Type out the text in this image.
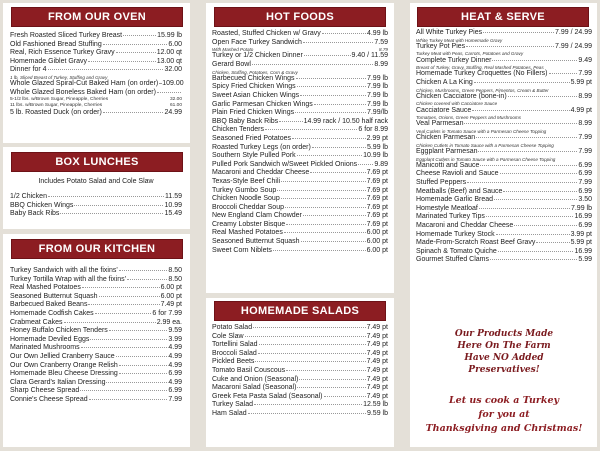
FROM OUR OVEN
Fresh Roasted Sliced Turkey Breast	15.99 lb
Old Fashioned Bread Stuffing	6.00
Real, Rich Essence Turkey Gravy	12.00 qt
Homemade Giblet Gravy	13.00 qt
Dinner for 4	32.00
1 lb. Sliced Breast of Turkey, Stuffing and Gravy
Whole Glazed Spiral-Cut Baked Ham (on order) 109.00
Whole Glazed Boneless Baked Ham (on order)
5-1/2 lbs. w/Brown Sugar, Pineapple, Cherries	32.00
11 lbs. w/Brown Sugar, Pineapple, Cherries	61.00
5 lb. Roasted Duck (on order)	24.99
BOX LUNCHES
Includes Potato Salad and Cole Slaw
1/2 Chicken	11.59
BBQ Chicken Wings	10.99
Baby Back Ribs	15.49
FROM OUR KITCHEN
Turkey Sandwich with all the fixins'	8.50
Turkey Tortilla Wrap with all the fixins'	8.50
Real Mashed Potatoes	6.00 pt
Seasoned Butternut Squash	6.00 pt
Barbecued Baked Beans	7.49 pt
Homemade Codfish Cakes	6 for 7.99
Crabmeat Cakes	2.99 ea.
Honey Buffalo Chicken Tenders	9.59
Homemade Deviled Eggs	3.99
Marinated Mushrooms	4.99
Our Own Jellied Cranberry Sauce	4.99
Our Own Cranberry Orange Relish	4.99
Homemade Bleu Cheese Dressing	6.99
Clara Gerard's Italian Dressing	4.99
Sharp Cheese Spread	6.99
Connie's Cheese Spread	7.99
HOT FOODS
Roasted, Stuffed Chicken w/ Gravy	4.99 lb
Open Face Turkey Sandwich	7.59
With Mashed Potato	8.79
Turkey or 1/2 Chicken Dinner	9.40 / 11.59
Gerard Bowl	8.99
Chicken, Stuffing, Potatoes, Corn & Gravy
Barbecued Chicken Wings	7.99 lb
Spicy Fried Chicken Wings	7.99 lb
Sweet Asian Chicken Wings	7.99 lb
Garlic Parmesan Chicken Wings	7.99 lb
Plain Fried Chicken Wings	7.99/lb
BBQ Baby Back Ribs	14.99 rack / 10.50 half rack
Chicken Tenders	6 for 8.99
Seasoned Fried Potatoes	2.99 pt
Roasted Turkey Legs (on order)	5.99 lb
Southern Style Pulled Pork	10.99 lb
Pulled Pork Sandwich w/Sweet Pickled Onions 9.89
Macaroni and Cheddar Cheese	7.69 pt
Texas-Style Beef Chili	7.69 pt
Turkey Gumbo Soup	7.69 pt
Chicken Noodle Soup	7.69 pt
Broccoli Cheddar Soup	7.69 pt
New England Clam Chowder	7.69 pt
Creamy Lobster Bisque	7.69 pt
Real Mashed Potatoes	6.00 pt
Seasoned Butternut Squash	6.00 pt
Sweet Corn Niblets	6.00 pt
HOMEMADE SALADS
Potato Salad	7.49 pt
Cole Slaw	7.49 pt
Tortellini Salad	7.49 pt
Broccoli Salad	7.49 pt
Pickled Beets	7.49 pt
Tomato Basil Couscous	7.49 pt
Cuke and Onion (Seasonal)	7.49 pt
Macaroni Salad (Seasonal)	7.49 pt
Greek Feta Pasta Salad (Seasonal)	7.49 pt
Turkey Salad	12.59 lb
Ham Salad	9.59 lb
HEAT & SERVE
All White Turkey Pies	7.99 / 24.99
White Turkey Meat with Homemade Gravy
Turkey Pot Pies	7.99 / 24.99
Turkey Meat with Peas, Carrots, Potatoes and Gravy
Complete Turkey Dinner	9.49
Breast of Turkey, Gravy, Stuffing, Real Mashed Potatoes, Peas
Homemade Turkey Croquettes (No Fillers)	7.99
Chicken A La King	5.99 pt
Chicken, Mushrooms, Green Peppers, Pimentos, Cream & Butter
Chicken Cacciatore (bone-in)	8.99
Chicken covered with Cacciatore Sauce
Cacciatore Sauce	4.99 pt
Tomatoes, Onions, Green Peppers and Mushrooms
Veal Parmesan	8.99
Veal Cutlets in Tomato Sauce with a Parmesan Cheese Topping
Chicken Parmesan	7.99
Chicken Cutlets in Tomato Sauce with a Parmesan Cheese Topping
Eggplant Parmesan	7.99
Eggplant Cutlets in Tomato Sauce with a Parmesan Cheese Topping
Manicotti and Sauce	6.99
Cheese Ravioli and Sauce	6.99
Stuffed Peppers	7.99
Meatballs (Beef) and Sauce	6.99
Homemade Garlic Bread	3.50
Homestyle Meatloaf	7.99 lb
Marinated Turkey Tips	16.99
Macaroni and Cheddar Cheese	6.99
Homemade Turkey Stock	3.99 pt
Made-From-Scratch Roast Beef Gravy	5.99 pt
Spinach & Tomato Quiche	16.99
Gourmet Stuffed Clams	5.99
Our Products Made
Here On The Farm
Have NO Added
Preservatives!
Let us cook a Turkey
for you at
Thanksgiving and Christmas!
